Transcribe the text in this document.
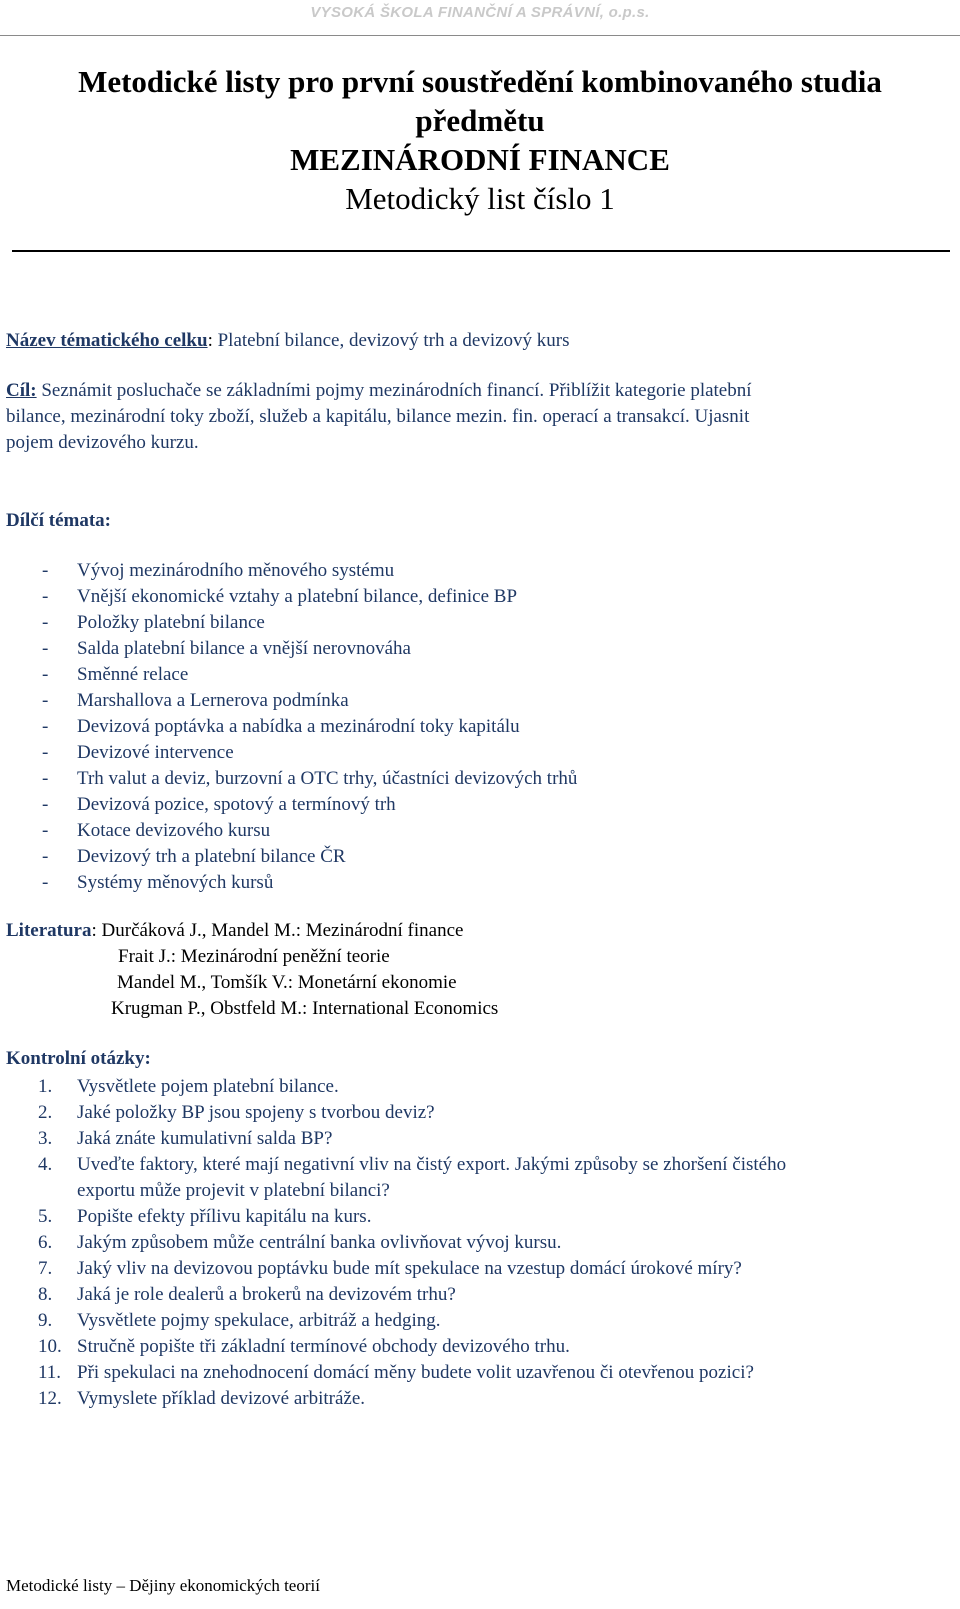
VYSOKÁ ŠKOLA FINANČNÍ A SPRÁVNÍ, o.p.s.
Metodické listy pro první soustředění kombinovaného studia
předmětu
MEZINÁRODNÍ FINANCE
Metodický list číslo 1
Název tématického celku: Platební bilance, devizový trh a devizový kurs
Cíl: Seznámit posluchače se základními pojmy mezinárodních financí. Přiblížit kategorie platební
bilance, mezinárodní toky zboží, služeb a kapitálu, bilance mezin. fin. operací a transakcí. Ujasnit
pojem devizového kurzu.
Dílčí témata:
- Vývoj mezinárodního měnového systému
- Vnější ekonomické vztahy a platební bilance, definice BP
- Položky platební bilance
- Salda platební bilance a vnější nerovnováha
- Směnné relace
- Marshallova a Lernerova podmínka
- Devizová poptávka a nabídka a mezinárodní toky kapitálu
- Devizové intervence
- Trh valut a deviz, burzovní a OTC trhy, účastníci devizových trhů
- Devizová pozice, spotový a termínový trh
- Kotace devizového kursu
- Devizový trh a platební bilance ČR
- Systémy měnových kursů
Literatura: Durčáková J., Mandel M.: Mezinárodní finance
Frait J.: Mezinárodní peněžní teorie
Mandel M., Tomšík V.: Monetární ekonomie
Krugman P., Obstfeld M.: International Economics
Kontrolní otázky:
1.	Vysvětlete pojem platební bilance.
2.	Jaké položky BP jsou spojeny s tvorbou deviz?
3.	Jaká znáte kumulativní salda BP?
4.	Uveďte faktory, které mají negativní vliv na čistý export. Jakými způsoby se zhoršení čistého
exportu může projevit v platební bilanci?
5.	Popište efekty přílivu kapitálu na kurs.
6.	Jakým způsobem může centrální banka ovlivňovat vývoj kursu.
7.	Jaký vliv na devizovou poptávku bude mít spekulace na vzestup domácí úrokové míry?
8.	Jaká je role dealerů a brokerů na devizovém trhu?
9.	Vysvětlete pojmy spekulace, arbitráž a hedging.
10. Stručně popište tři základní termínové obchody devizového trhu.
11. Při spekulaci na znehodnocení domácí měny budete volit uzavřenou či otevřenou pozici?
12. Vymyslete příklad devizové arbitráže.
Metodické listy – Dějiny ekonomických teorií
